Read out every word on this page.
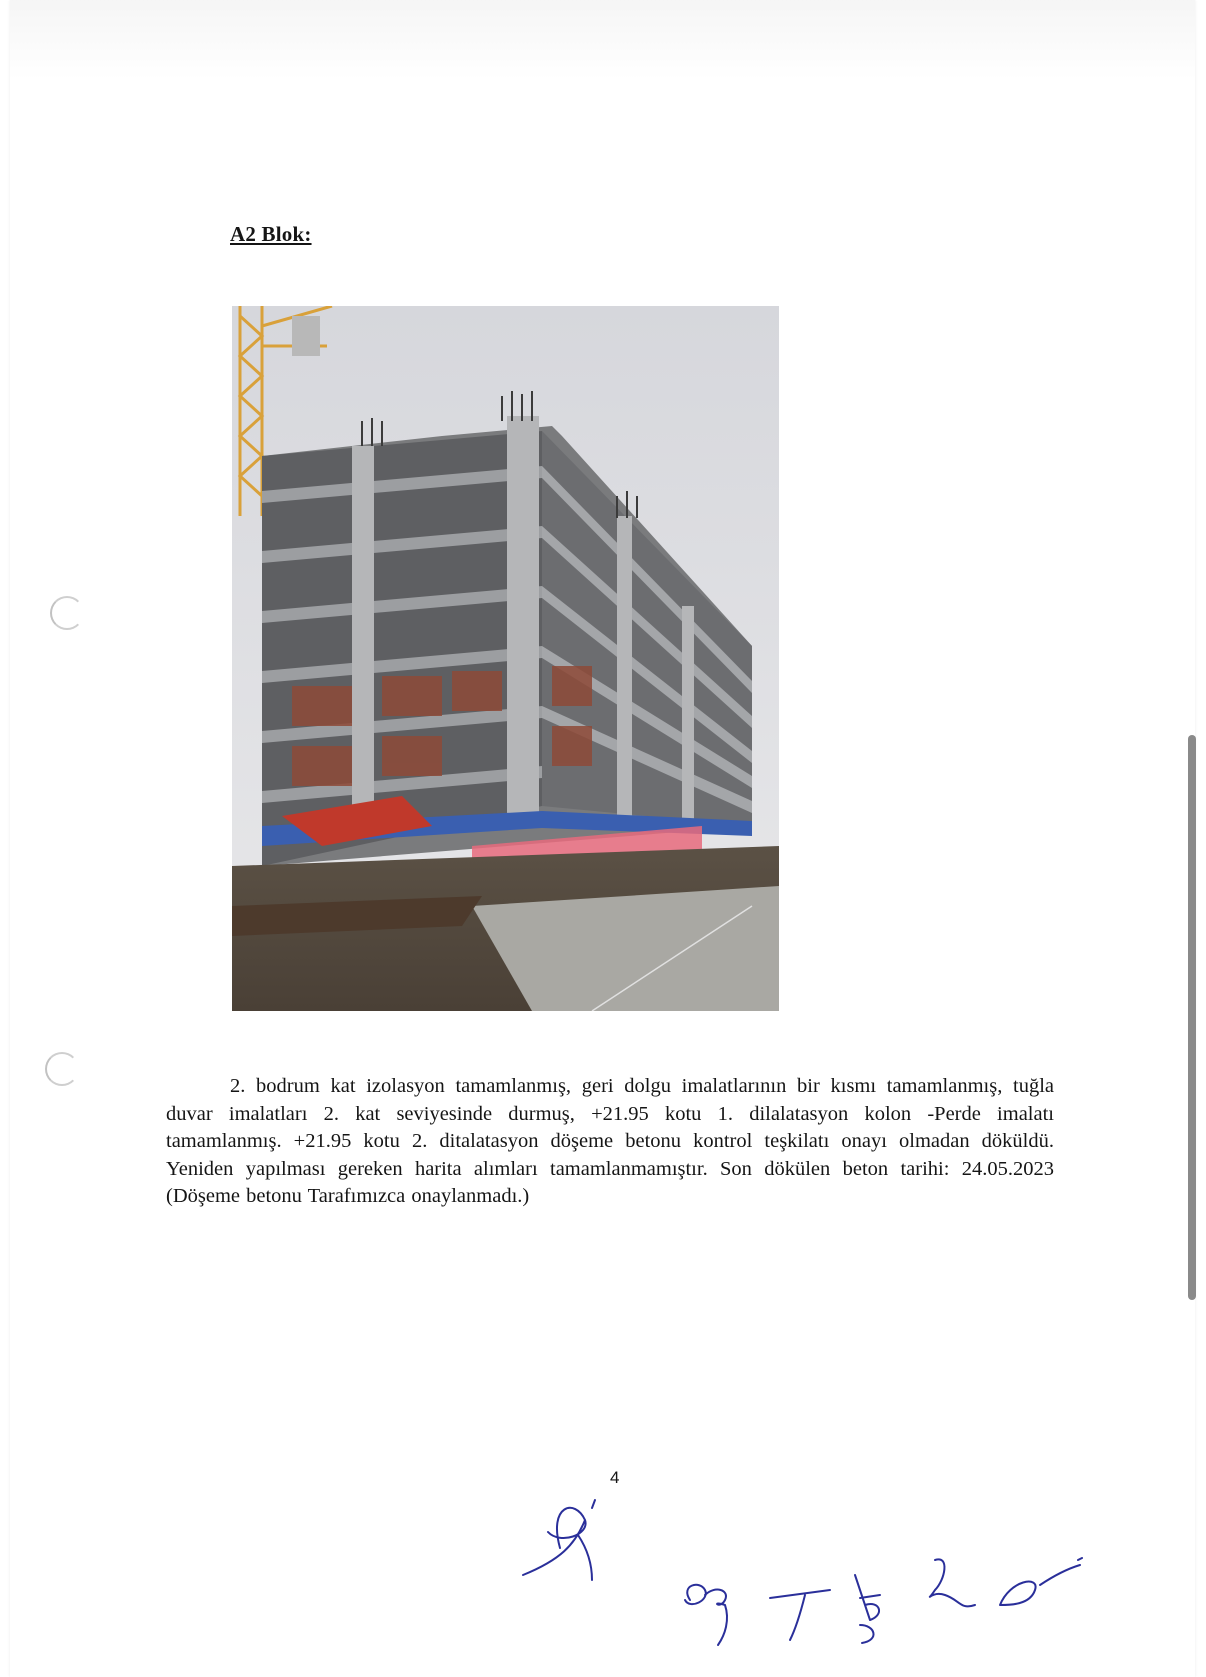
A2 Blok:
2. bodrum kat izolasyon tamamlanmış, geri dolgu imalatlarının bir kısmı tamamlanmış, tuğla duvar imalatları 2. kat seviyesinde durmuş, +21.95 kotu 1. dilalatasyon kolon -Perde imalatı tamamlanmış. +21.95 kotu 2. ditalatasyon döşeme betonu kontrol teşkilatı onayı olmadan döküldü. Yeniden yapılması gereken harita alımları tamamlanmamıştır. Son dökülen beton tarihi: 24.05.2023 (Döşeme betonu Tarafımızca onaylanmadı.)
4
